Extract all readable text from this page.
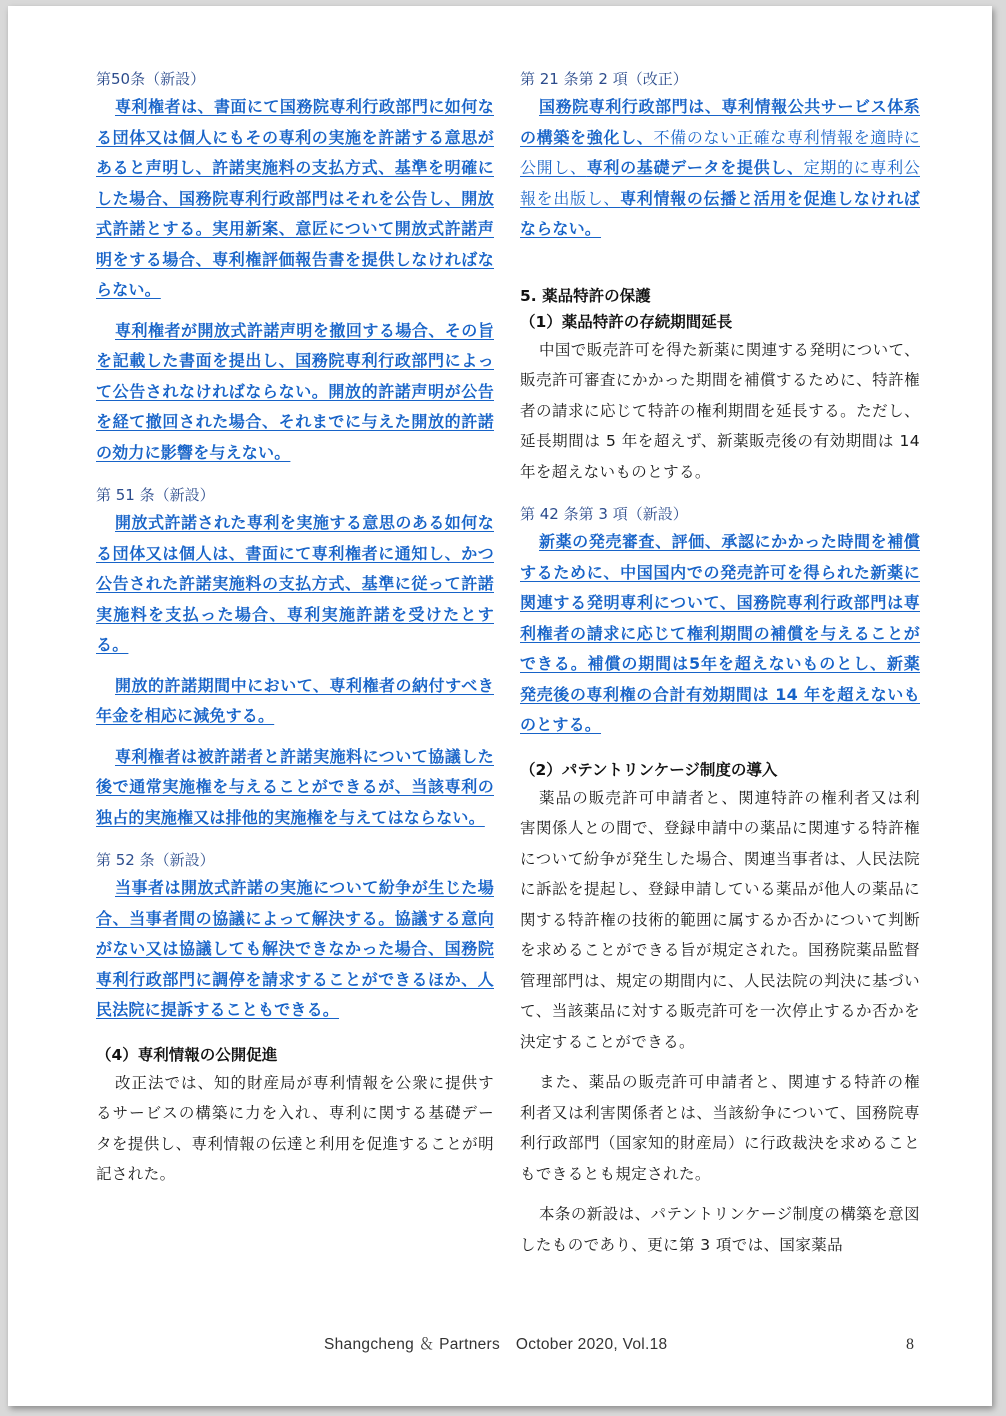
第50条（新設）

専利権者は、書面にて国務院専利行政部門に如何なる団体又は個人にもその専利の実施を許諾する意思があると声明し、許諾実施料の支払方式、基準を明確にした場合、国務院専利行政部門はそれを公告し、開放式許諾とする。実用新案、意匠について開放式許諾声明をする場合、専利権評価報告書を提供しなければならない。

専利権者が開放式許諾声明を撤回する場合、その旨を記載した書面を提出し、国務院専利行政部門によって公告されなければならない。開放的許諾声明が公告を経て撤回された場合、それまでに与えた開放的許諾の効力に影響を与えない。

第 51 条（新設）

開放式許諾された専利を実施する意思のある如何なる団体又は個人は、書面にて専利権者に通知し、かつ公告された許諾実施料の支払方式、基準に従って許諾実施料を支払った場合、専利実施許諾を受けたとする。

開放的許諾期間中において、専利権者の納付すべき年金を相応に減免する。

専利権者は被許諾者と許諾実施料について協議した後で通常実施権を与えることができるが、当該専利の独占的実施権又は排他的実施権を与えてはならない。

第 52 条（新設）

当事者は開放式許諾の実施について紛争が生じた場合、当事者間の協議によって解決する。協議する意向がない又は協議しても解決できなかった場合、国務院専利行政部門に調停を請求することができるほか、人民法院に提訴することもできる。

（4）専利情報の公開促進

改正法では、知的財産局が専利情報を公衆に提供するサービスの構築に力を入れ、専利に関する基礎データを提供し、専利情報の伝達と利用を促進することが明記された。

第 21 条第 2 項（改正）

国務院専利行政部門は、専利情報公共サービス体系の構築を強化し、不備のない正確な専利情報を適時に公開し、専利の基礎データを提供し、定期的に専利公報を出版し、専利情報の伝播と活用を促進しなければならない。

5. 薬品特許の保護

（1）薬品特許の存続期間延長

中国で販売許可を得た新薬に関連する発明について、販売許可審査にかかった期間を補償するために、特許権者の請求に応じて特許の権利期間を延長する。ただし、延長期間は 5 年を超えず、新薬販売後の有効期間は 14 年を超えないものとする。

第 42 条第 3 項（新設）

新薬の発売審査、評価、承認にかかった時間を補償するために、中国国内での発売許可を得られた新薬に関連する発明専利について、国務院専利行政部門は専利権者の請求に応じて権利期間の補償を与えることができる。補償の期間は5年を超えないものとし、新薬発売後の専利権の合計有効期間は 14 年を超えないものとする。

（2）パテントリンケージ制度の導入

薬品の販売許可申請者と、関連特許の権利者又は利害関係人との間で、登録申請中の薬品に関連する特許権について紛争が発生した場合、関連当事者は、人民法院に訴訟を提起し、登録申請している薬品が他人の薬品に関する特許権の技術的範囲に属するか否かについて判断を求めることができる旨が規定された。国務院薬品監督管理部門は、規定の期間内に、人民法院の判決に基づいて、当該薬品に対する販売許可を一次停止するか否かを決定することができる。

また、薬品の販売許可申請者と、関連する特許の権利者又は利害関係者とは、当該紛争について、国務院専利行政部門（国家知的財産局）に行政裁決を求めることもできるとも規定された。

本条の新設は、パテントリンケージ制度の構築を意図したものであり、更に第 3 項では、国家薬品

Shangcheng ＆ Partners　October 2020, Vol.18	8
